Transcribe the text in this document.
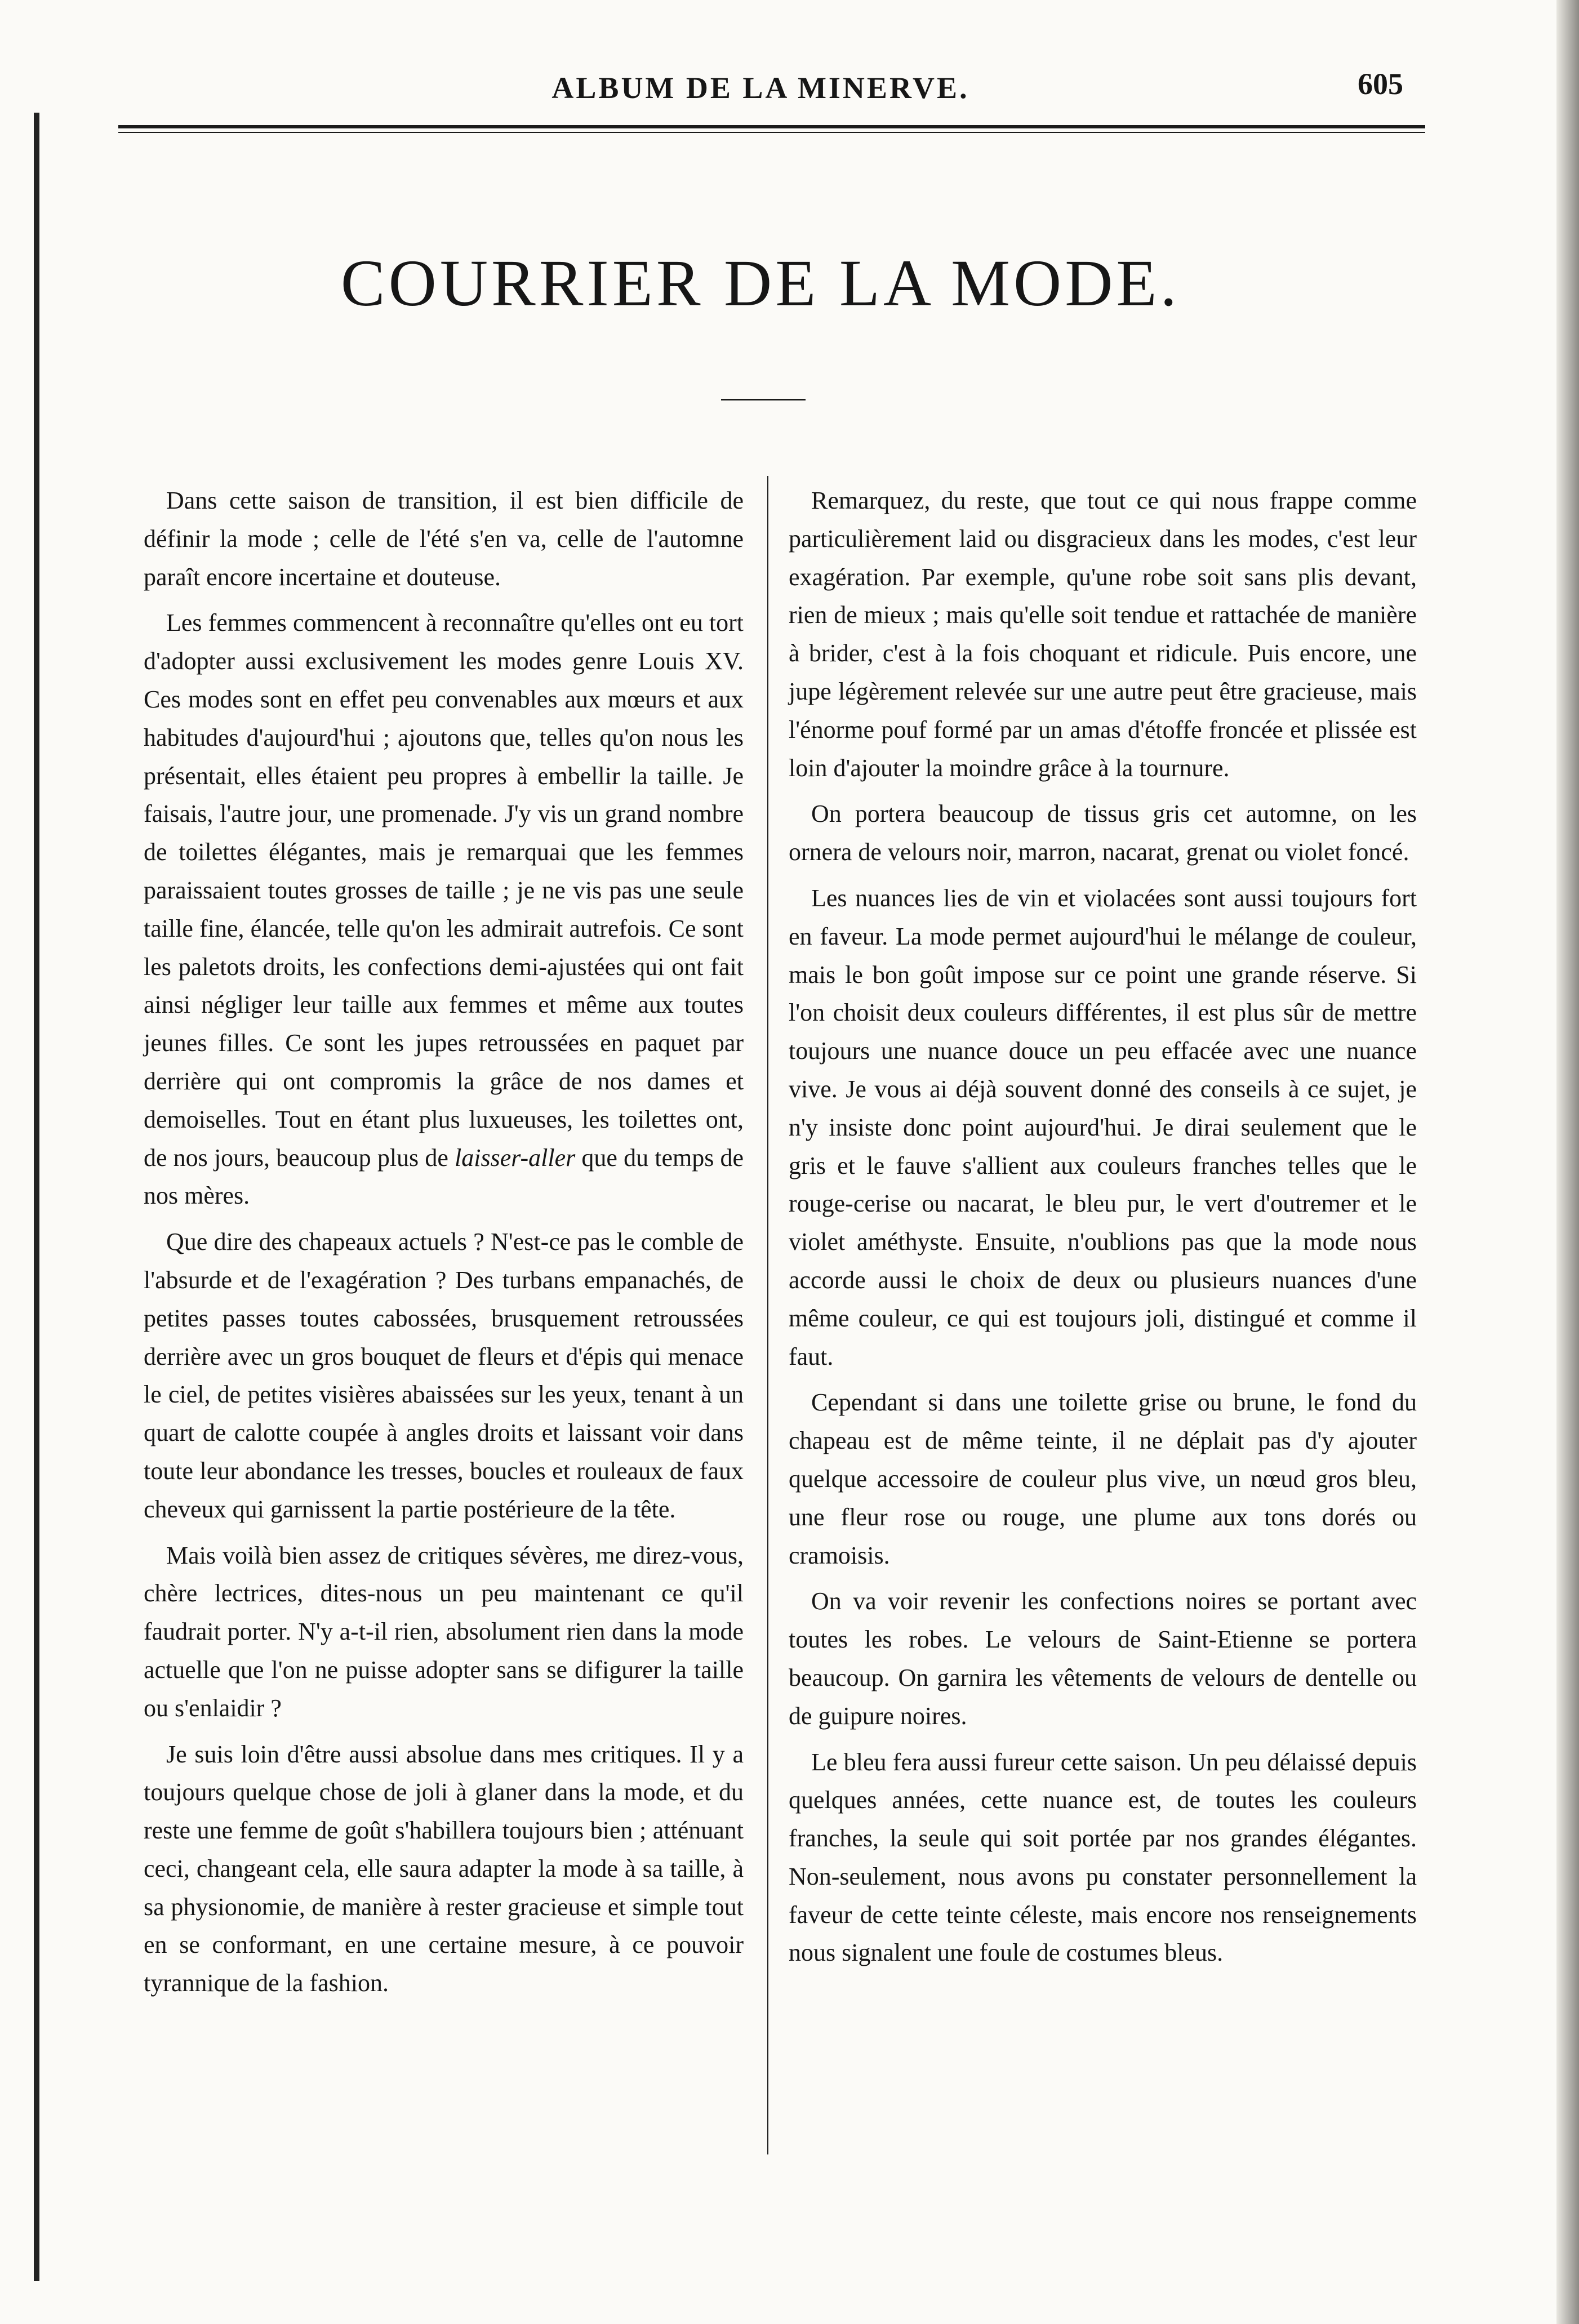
ALBUM DE LA MINERVE.	605
COURRIER DE LA MODE.

Dans cette saison de transition, il est bien difficile de définir la mode ; celle de l'été s'en va, celle de l'automne paraît encore incertaine et douteuse.

Les femmes commencent à reconnaître qu'elles ont eu tort d'adopter aussi exclusivement les modes genre Louis XV. Ces modes sont en effet peu convenables aux mœurs et aux habitudes d'aujourd'hui ; ajoutons que, telles qu'on nous les présentait, elles étaient peu propres à embellir la taille. Je faisais, l'autre jour, une promenade. J'y vis un grand nombre de toilettes élégantes, mais je remarquai que les femmes paraissaient toutes grosses de taille ; je ne vis pas une seule taille fine, élancée, telle qu'on les admirait autrefois. Ce sont les paletots droits, les confections demi-ajustées qui ont fait ainsi négliger leur taille aux femmes et même aux toutes jeunes filles. Ce sont les jupes retroussées en paquet par derrière qui ont compromis la grâce de nos dames et demoiselles. Tout en étant plus luxueuses, les toilettes ont, de nos jours, beaucoup plus de laisser-aller que du temps de nos mères.

Que dire des chapeaux actuels ? N'est-ce pas le comble de l'absurde et de l'exagération ? Des turbans empanachés, de petites passes toutes cabossées, brusquement retroussées derrière avec un gros bouquet de fleurs et d'épis qui menace le ciel, de petites visières abaissées sur les yeux, tenant à un quart de calotte coupée à angles droits et laissant voir dans toute leur abondance les tresses, boucles et rouleaux de faux cheveux qui garnissent la partie postérieure de la tête.

Mais voilà bien assez de critiques sévères, me direz-vous, chère lectrices, dites-nous un peu maintenant ce qu'il faudrait porter. N'y a-t-il rien, absolument rien dans la mode actuelle que l'on ne puisse adopter sans se difigurer la taille ou s'enlaidir ?

Je suis loin d'être aussi absolue dans mes critiques. Il y a toujours quelque chose de joli à glaner dans la mode, et du reste une femme de goût s'habillera toujours bien ; atténuant ceci, changeant cela, elle saura adapter la mode à sa taille, à sa physionomie, de manière à rester gracieuse et simple tout en se conformant, en une certaine mesure, à ce pouvoir tyrannique de la fashion.

Remarquez, du reste, que tout ce qui nous frappe comme particulièrement laid ou disgracieux dans les modes, c'est leur exagération. Par exemple, qu'une robe soit sans plis devant, rien de mieux ; mais qu'elle soit tendue et rattachée de manière à brider, c'est à la fois choquant et ridicule. Puis encore, une jupe légèrement relevée sur une autre peut être gracieuse, mais l'énorme pouf formé par un amas d'étoffe froncée et plissée est loin d'ajouter la moindre grâce à la tournure.

On portera beaucoup de tissus gris cet automne, on les ornera de velours noir, marron, nacarat, grenat ou violet foncé.

Les nuances lies de vin et violacées sont aussi toujours fort en faveur. La mode permet aujourd'hui le mélange de couleur, mais le bon goût impose sur ce point une grande réserve. Si l'on choisit deux couleurs différentes, il est plus sûr de mettre toujours une nuance douce un peu effacée avec une nuance vive. Je vous ai déjà souvent donné des conseils à ce sujet, je n'y insiste donc point aujourd'hui. Je dirai seulement que le gris et le fauve s'allient aux couleurs franches telles que le rouge-cerise ou nacarat, le bleu pur, le vert d'outremer et le violet améthyste. Ensuite, n'oublions pas que la mode nous accorde aussi le choix de deux ou plusieurs nuances d'une même couleur, ce qui est toujours joli, distingué et comme il faut.

Cependant si dans une toilette grise ou brune, le fond du chapeau est de même teinte, il ne déplait pas d'y ajouter quelque accessoire de couleur plus vive, un nœud gros bleu, une fleur rose ou rouge, une plume aux tons dorés ou cramoisis.

On va voir revenir les confections noires se portant avec toutes les robes. Le velours de Saint-Etienne se portera beaucoup. On garnira les vêtements de velours de dentelle ou de guipure noires.

Le bleu fera aussi fureur cette saison. Un peu délaissé depuis quelques années, cette nuance est, de toutes les couleurs franches, la seule qui soit portée par nos grandes élégantes. Non-seulement, nous avons pu constater personnellement la faveur de cette teinte céleste, mais encore nos renseignements nous signalent une foule de costumes bleus.
